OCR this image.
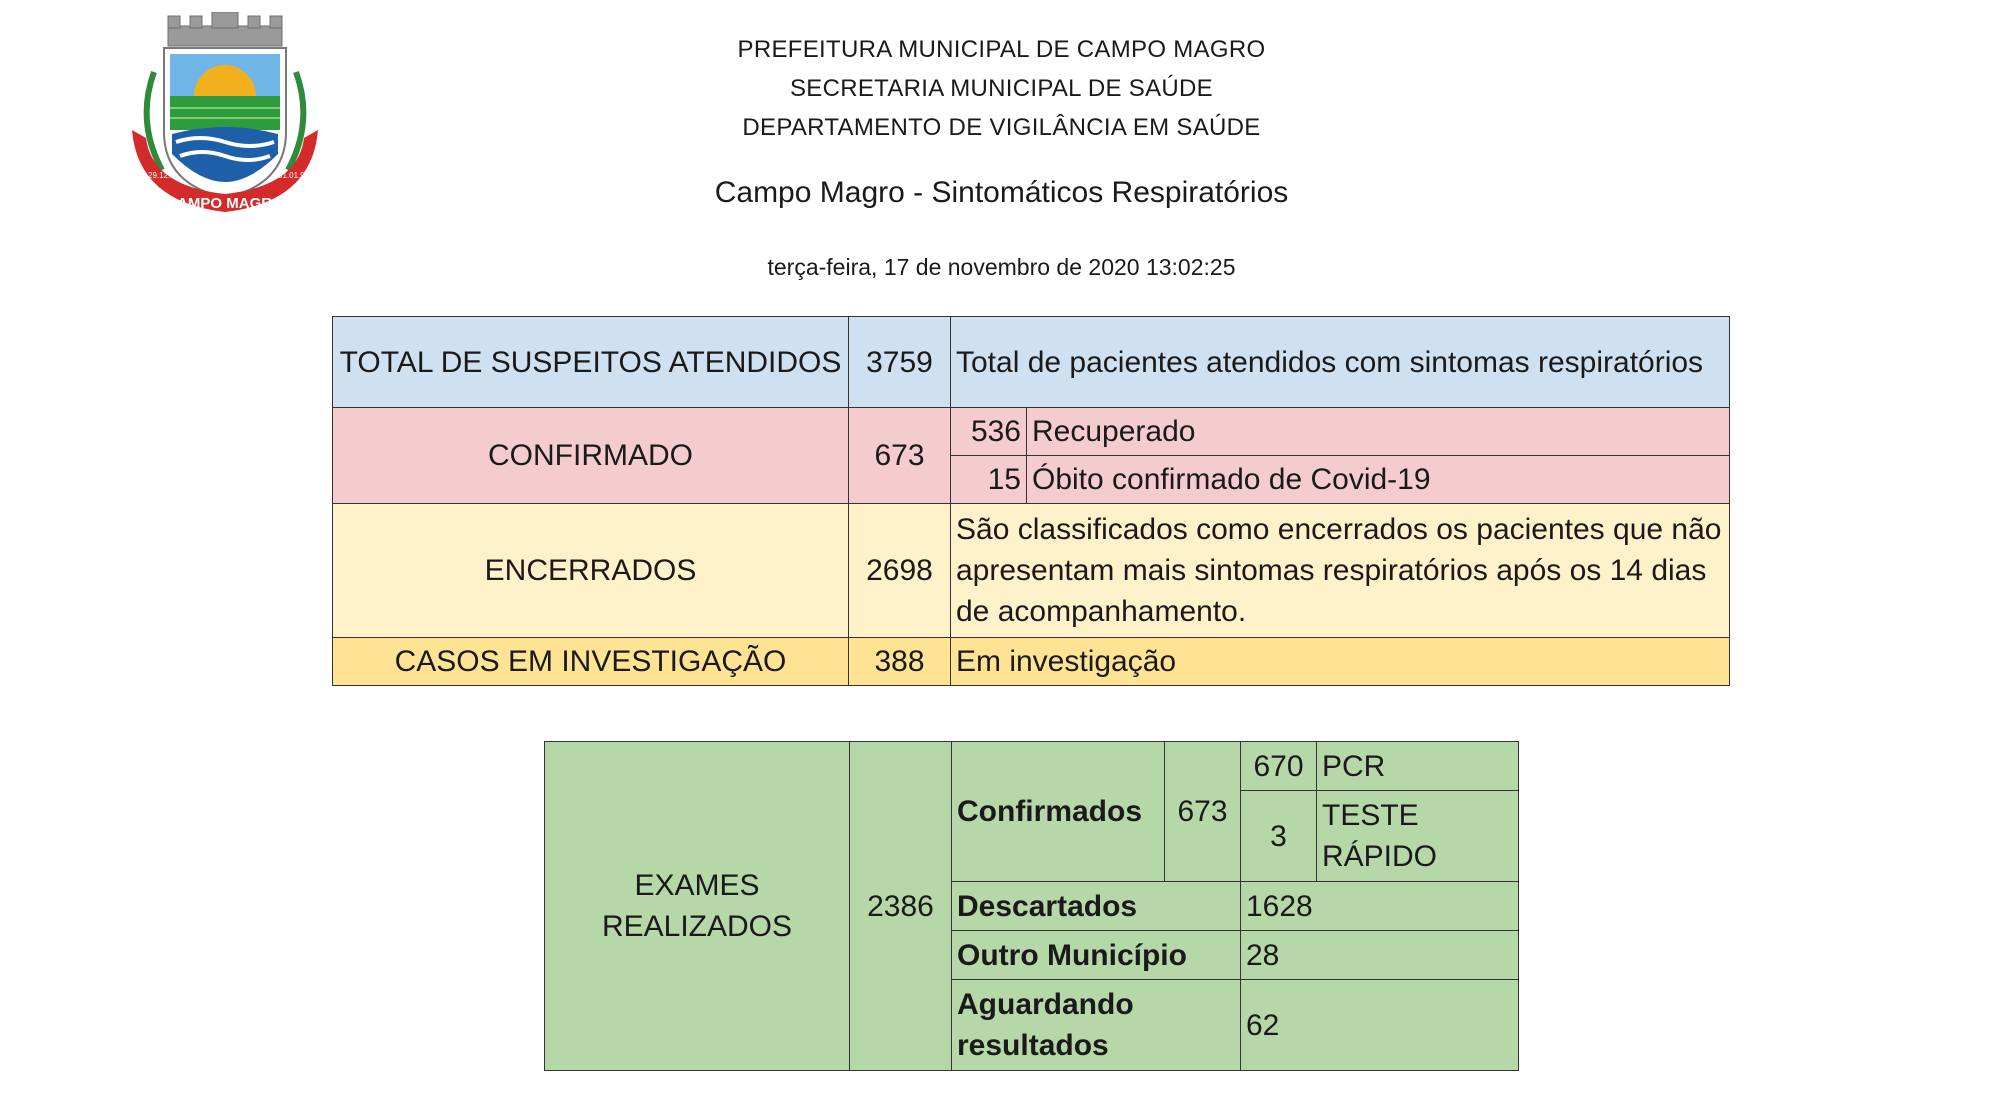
CAMPO MAGRO
29.12.	01.01.93
PREFEITURA MUNICIPAL DE CAMPO MAGRO
SECRETARIA MUNICIPAL DE SAÚDE
DEPARTAMENTO DE VIGILÂNCIA EM SAÚDE
Campo Magro - Sintomáticos Respiratórios
terça-feira, 17 de novembro de 2020 13:02:25
TOTAL DE SUSPEITOS ATENDIDOS	3759	Total de pacientes atendidos com sintomas respiratórios	
CONFIRMADO	673	536	Recuperado
		15	Óbito confirmado de Covid-19
ENCERRADOS	2698	São classificados como encerrados os pacientes que não apresentam mais sintomas respiratórios após os 14 dias de acompanhamento.	
CASOS EM INVESTIGAÇÃO	388	Em investigação	
EXAMES REALIZADOS	2386	Confirmados	673	670	PCR
				3	TESTE RÁPIDO
		Descartados		1628	
		Outro Município		28	
		Aguardando resultados		62	
